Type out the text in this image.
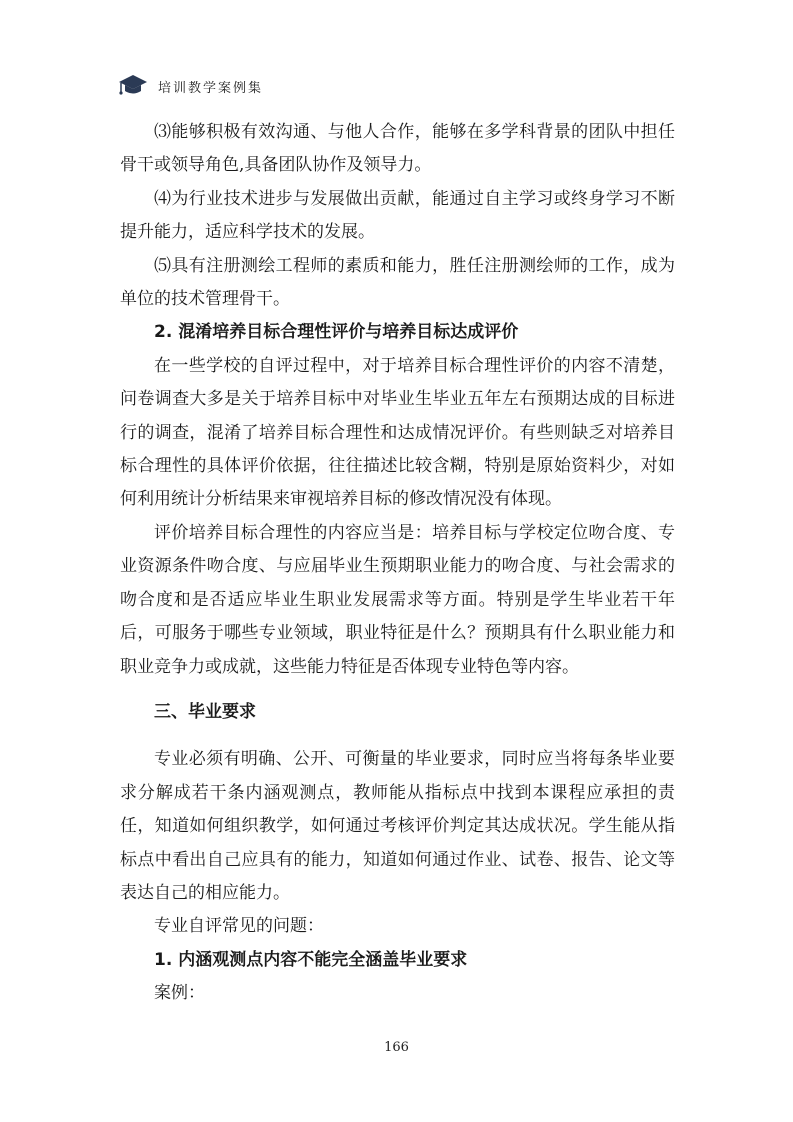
培训教学案例集

⑶能够积极有效沟通、与他人合作，能够在多学科背景的团队中担任骨干或领导角色,具备团队协作及领导力。

⑷为行业技术进步与发展做出贡献，能通过自主学习或终身学习不断提升能力，适应科学技术的发展。

⑸具有注册测绘工程师的素质和能力，胜任注册测绘师的工作，成为单位的技术管理骨干。

2. 混淆培养目标合理性评价与培养目标达成评价

在一些学校的自评过程中，对于培养目标合理性评价的内容不清楚，问卷调查大多是关于培养目标中对毕业生毕业五年左右预期达成的目标进行的调查，混淆了培养目标合理性和达成情况评价。有些则缺乏对培养目标合理性的具体评价依据，往往描述比较含糊，特别是原始资料少，对如何利用统计分析结果来审视培养目标的修改情况没有体现。

评价培养目标合理性的内容应当是：培养目标与学校定位吻合度、专业资源条件吻合度、与应届毕业生预期职业能力的吻合度、与社会需求的吻合度和是否适应毕业生职业发展需求等方面。特别是学生毕业若干年后，可服务于哪些专业领域，职业特征是什么？预期具有什么职业能力和职业竞争力或成就，这些能力特征是否体现专业特色等内容。

三、毕业要求

专业必须有明确、公开、可衡量的毕业要求，同时应当将每条毕业要求分解成若干条内涵观测点，教师能从指标点中找到本课程应承担的责任，知道如何组织教学，如何通过考核评价判定其达成状况。学生能从指标点中看出自己应具有的能力，知道如何通过作业、试卷、报告、论文等表达自己的相应能力。

专业自评常见的问题：

1. 内涵观测点内容不能完全涵盖毕业要求

案例：

166
